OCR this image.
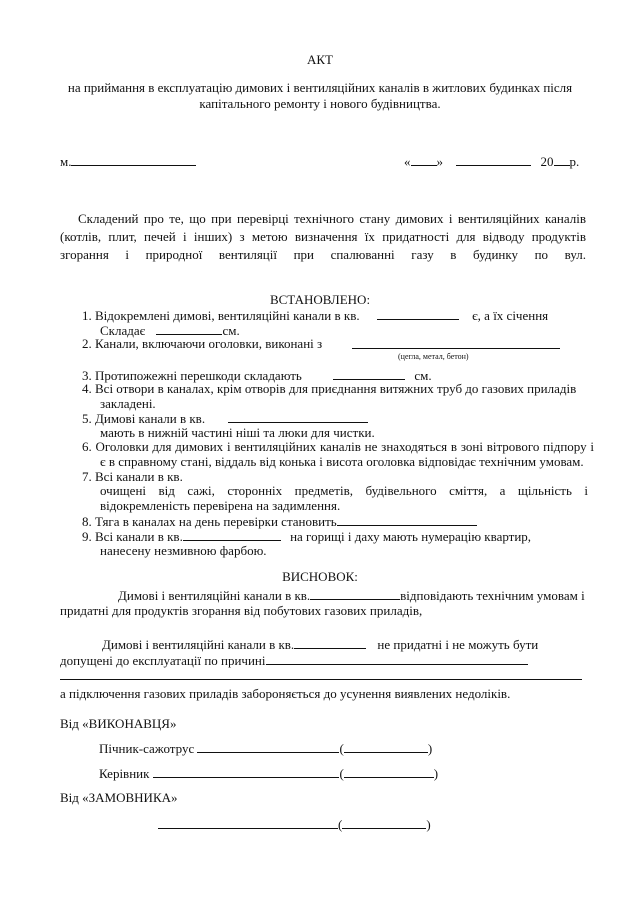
АКТ
на приймання в експлуатацію димових і вентиляційних каналів в житлових будинках після
капітального ремонту і нового будівництва.
м.	« »	20 р.
Складений про те, що при перевірці технічного стану димових і вентиляційних каналів
(котлів, плит, печей і інших) з метою визначення їх придатності для відводу продуктів
згорання і природної вентиляції при спалюванні газу в будинку по вул.
ВСТАНОВЛЕНО:
1. Відокремлені димові, вентиляційні канали в кв.	є, а їх січення
Складає	см.
2. Канали, включаючи оголовки, виконані з
(цегла, метал, бетон)
3. Протипожежні перешкоди складають	см.
4. Всі отвори в каналах, крім отворів для приєднання витяжних труб до газових приладів
закладені.
5. Димові канали в кв.
мають в нижній частині ніші та люки для чистки.
6. Оголовки для димових і вентиляційних каналів не знаходяться в зоні вітрового підпору і
є в справному стані, віддаль від конька і висота оголовка відповідає технічним умовам.
7. Всі канали в кв.
очищені від сажі, сторонніх предметів, будівельного сміття, а щільність і
відокремленість перевірена на задимлення.
8. Тяга в каналах на день перевірки становить
9. Всі канали в кв.	на горищі і даху мають нумерацію квартир,
нанесену незмивною фарбою.
ВИСНОВОК:
Димові і вентиляційні канали в кв.	відповідають технічним умовам і
придатні для продуктів згорання від побутових газових приладів,
Димові і вентиляційні канали в кв.	не придатні і не можуть бути
допущені до експлуатації по причині
а підключення газових приладів забороняється до усунення виявлених недоліків.
Від «ВИКОНАВЦЯ»
Пічник-сажотрус	(	)
Керівник	(	)
Від «ЗАМОВНИКА»
(	)
